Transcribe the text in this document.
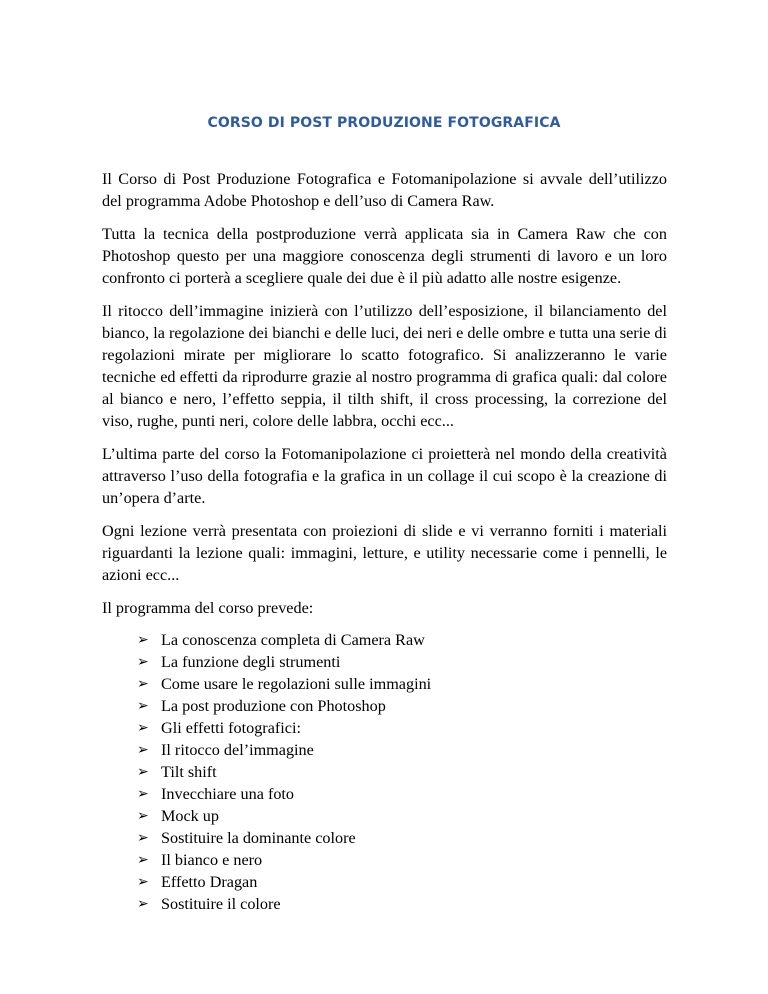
CORSO DI POST PRODUZIONE FOTOGRAFICA

Il Corso di Post Produzione Fotografica e Fotomanipolazione si avvale dell’utilizzo del programma Adobe Photoshop e dell’uso di Camera Raw.

Tutta la tecnica della postproduzione verrà applicata sia in Camera Raw che con Photoshop questo per una maggiore conoscenza degli strumenti di lavoro e un loro confronto ci porterà a scegliere quale dei due è il più adatto alle nostre esigenze.

Il ritocco dell’immagine inizierà con l’utilizzo dell’esposizione, il bilanciamento del bianco, la regolazione dei bianchi e delle luci, dei neri e delle ombre e tutta una serie di regolazioni mirate per migliorare lo scatto fotografico. Si analizzeranno le varie tecniche ed effetti da riprodurre grazie al nostro programma di grafica quali: dal colore al bianco e nero, l’effetto seppia, il tilth shift, il cross processing, la correzione del viso, rughe, punti neri, colore delle labbra, occhi ecc...

L’ultima parte del corso la Fotomanipolazione ci proietterà nel mondo della creatività attraverso l’uso della fotografia e la grafica in un collage il cui scopo è la creazione di un’opera d’arte.

Ogni lezione verrà presentata con proiezioni di slide e vi verranno forniti i materiali riguardanti la lezione quali: immagini, letture, e utility necessarie come i pennelli, le azioni ecc...

Il programma del corso prevede:

➢ La conoscenza completa di Camera Raw
➢ La funzione degli strumenti
➢ Come usare le regolazioni sulle immagini
➢ La post produzione con Photoshop
➢ Gli effetti fotografici:
➢ Il ritocco del’immagine
➢ Tilt shift
➢ Invecchiare una foto
➢ Mock up
➢ Sostituire la dominante colore
➢ Il bianco e nero
➢ Effetto Dragan
➢ Sostituire il colore
